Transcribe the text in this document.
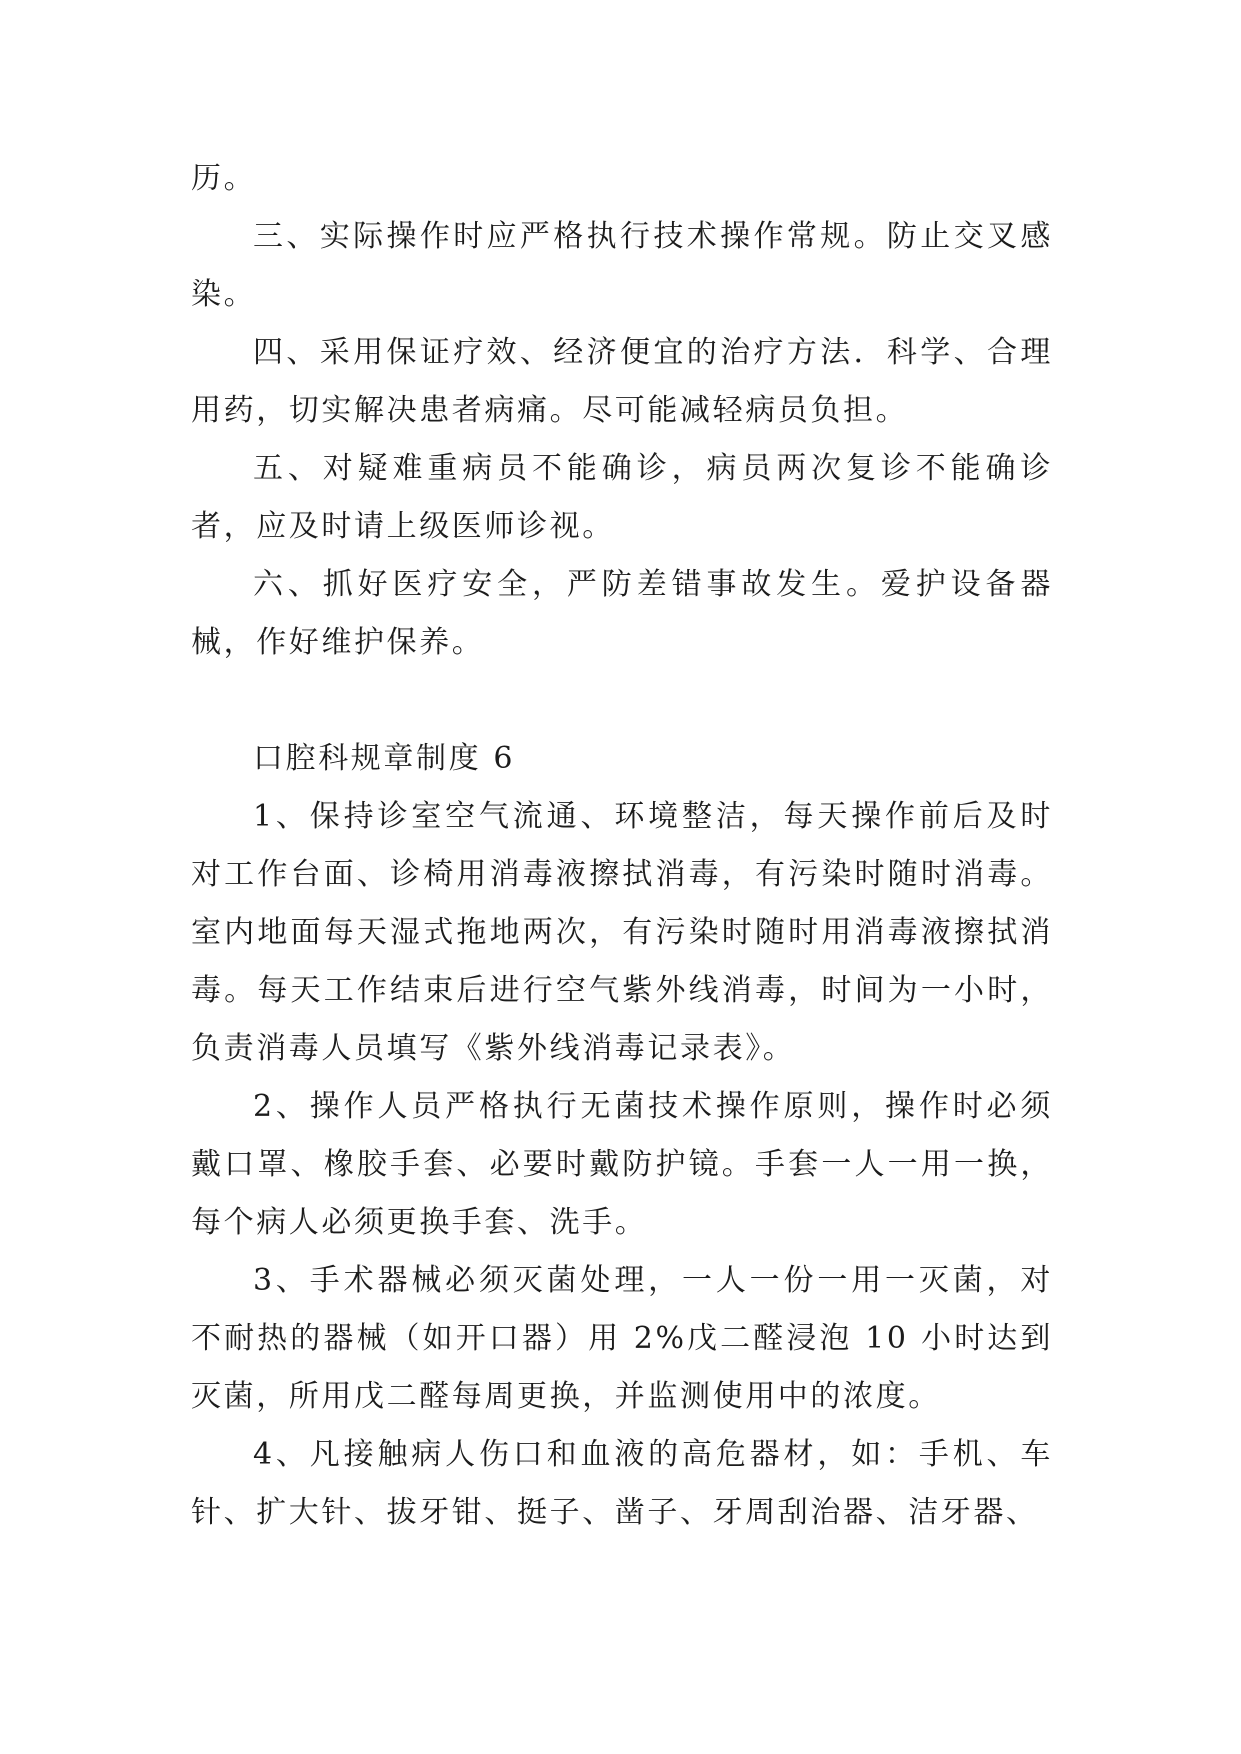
历。

三、实际操作时应严格执行技术操作常规。防止交叉感染。

四、采用保证疗效、经济便宜的治疗方法．科学、合理用药，切实解决患者病痛。尽可能减轻病员负担。

五、对疑难重病员不能确诊，病员两次复诊不能确诊者，应及时请上级医师诊视。

六、抓好医疗安全，严防差错事故发生。爱护设备器械，作好维护保养。

口腔科规章制度 6

1、保持诊室空气流通、环境整洁，每天操作前后及时对工作台面、诊椅用消毒液擦拭消毒，有污染时随时消毒。室内地面每天湿式拖地两次，有污染时随时用消毒液擦拭消毒。每天工作结束后进行空气紫外线消毒，时间为一小时，负责消毒人员填写《紫外线消毒记录表》。

2、操作人员严格执行无菌技术操作原则，操作时必须戴口罩、橡胶手套、必要时戴防护镜。手套一人一用一换，每个病人必须更换手套、洗手。

3、手术器械必须灭菌处理，一人一份一用一灭菌，对不耐热的器械（如开口器）用 2%戊二醛浸泡 10 小时达到灭菌，所用戊二醛每周更换，并监测使用中的浓度。

4、凡接触病人伤口和血液的高危器材，如：手机、车针、扩大针、拔牙钳、挺子、凿子、牙周刮治器、洁牙器、
